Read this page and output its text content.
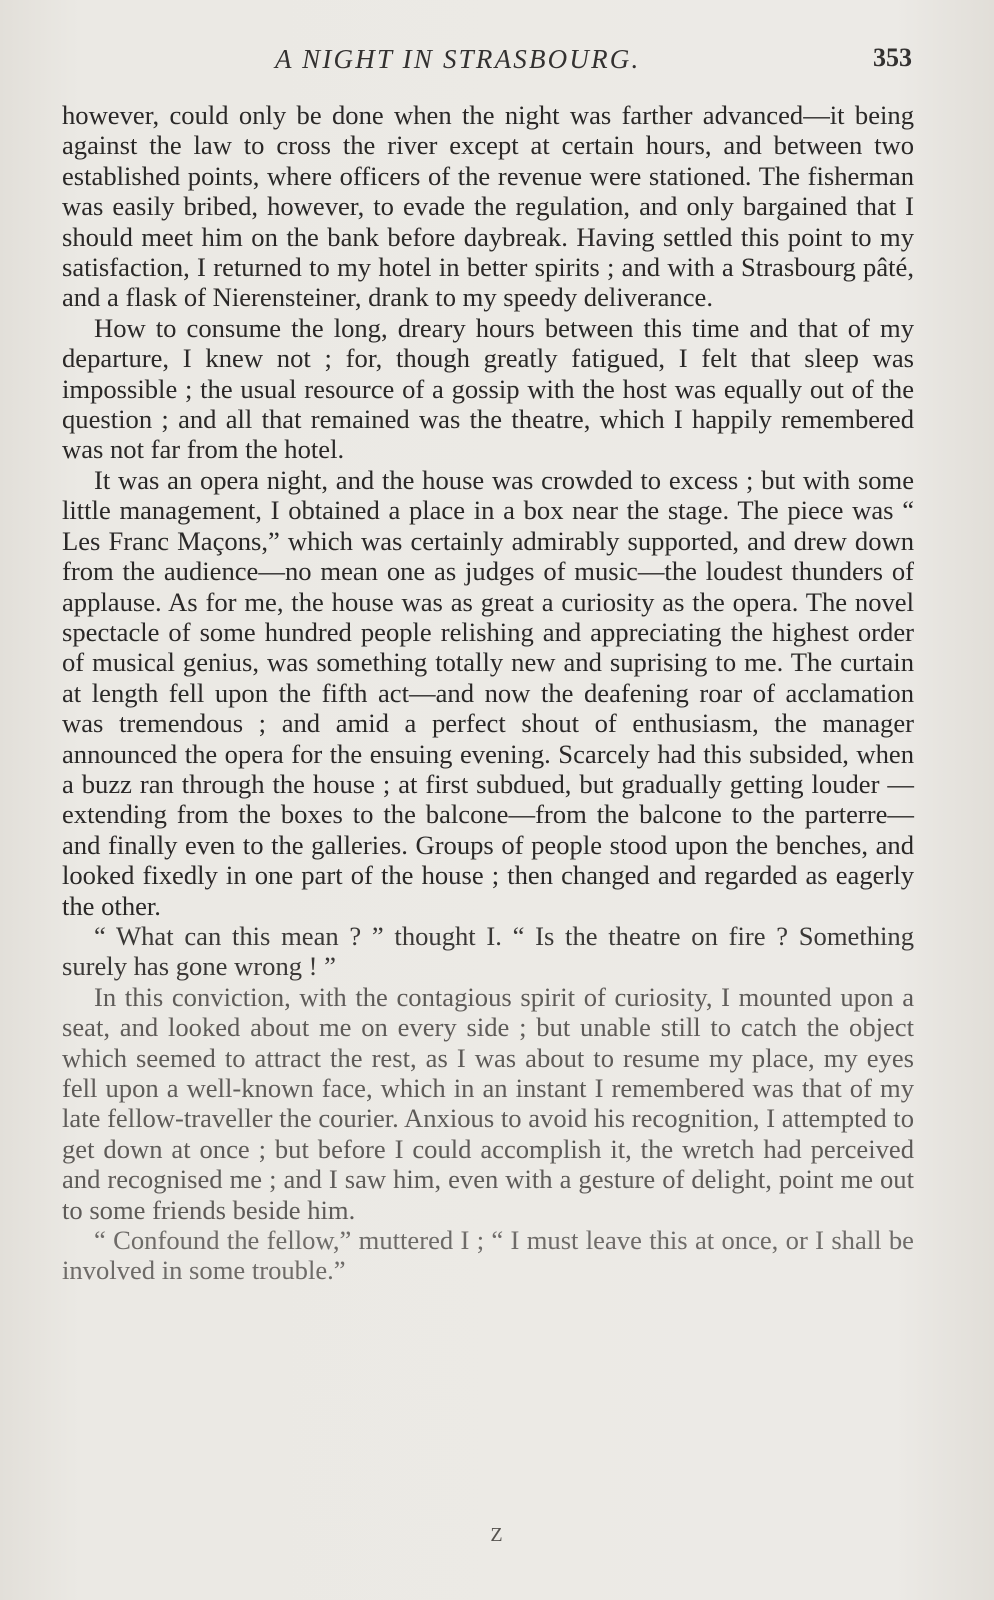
A NIGHT IN STRASBOURG.	353

however, could only be done when the night was farther advanced—it being against the law to cross the river except at certain hours, and between two established points, where officers of the revenue were stationed. The fisherman was easily bribed, however, to evade the regulation, and only bargained that I should meet him on the bank before daybreak. Having settled this point to my satisfaction, I returned to my hotel in better spirits ; and with a Strasbourg pâté, and a flask of Nierensteiner, drank to my speedy deliverance.

How to consume the long, dreary hours between this time and that of my departure, I knew not ; for, though greatly fatigued, I felt that sleep was impossible ; the usual resource of a gossip with the host was equally out of the question ; and all that remained was the theatre, which I happily remembered was not far from the hotel.

It was an opera night, and the house was crowded to excess ; but with some little management, I obtained a place in a box near the stage. The piece was “ Les Franc Maçons,” which was certainly admirably supported, and drew down from the audience—no mean one as judges of music—the loudest thunders of applause. As for me, the house was as great a curiosity as the opera. The novel spectacle of some hundred people relishing and appreciating the highest order of musical genius, was something totally new and suprising to me. The curtain at length fell upon the fifth act—and now the deafening roar of acclamation was tremendous ; and amid a perfect shout of enthusiasm, the manager announced the opera for the ensuing evening. Scarcely had this subsided, when a buzz ran through the house ; at first subdued, but gradually getting louder — extending from the boxes to the balcone—from the balcone to the parterre—and finally even to the galleries. Groups of people stood upon the benches, and looked fixedly in one part of the house ; then changed and regarded as eagerly the other.

“ What can this mean ? ” thought I. “ Is the theatre on fire ? Something surely has gone wrong ! ”

In this conviction, with the contagious spirit of curiosity, I mounted upon a seat, and looked about me on every side ; but unable still to catch the object which seemed to attract the rest, as I was about to resume my place, my eyes fell upon a well-known face, which in an instant I remembered was that of my late fellow-traveller the courier. Anxious to avoid his recognition, I attempted to get down at once ; but before I could accomplish it, the wretch had perceived and recognised me ; and I saw him, even with a gesture of delight, point me out to some friends beside him.

“ Confound the fellow,” muttered I ; “ I must leave this at once, or I shall be involved in some trouble.”

Z
